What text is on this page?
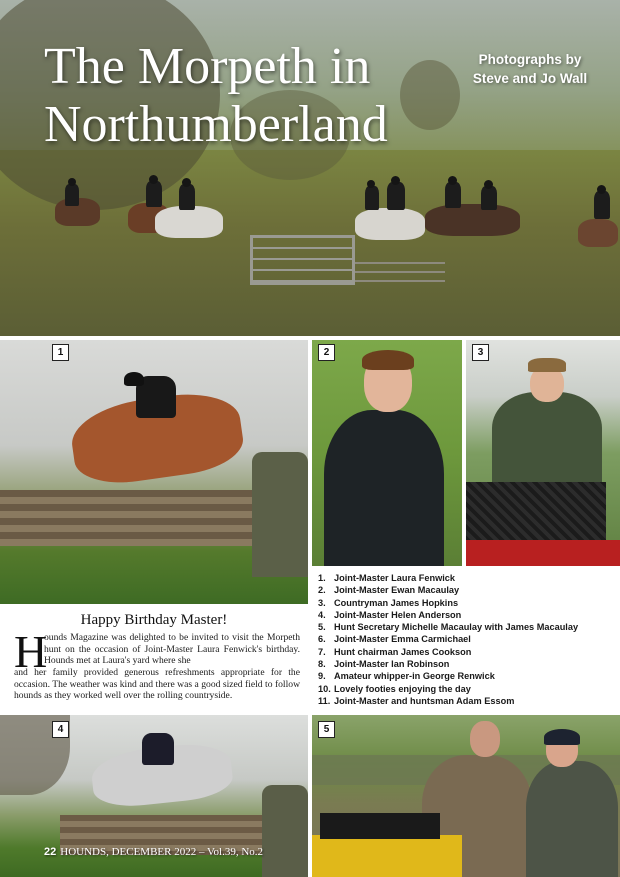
The Morpeth in Northumberland
Photographs by Steve and Jo Wall
1	2	3
1. Joint-Master Laura Fenwick
2. Joint-Master Ewan Macaulay
3. Countryman James Hopkins
4. Joint-Master Helen Anderson
5. Hunt Secretary Michelle Macaulay with James Macaulay
6. Joint-Master Emma Carmichael
7. Hunt chairman James Cookson
8. Joint-Master Ian Robinson
9. Amateur whipper-in George Renwick
10. Lovely footies enjoying the day
11. Joint-Master and huntsman Adam Essom
Happy Birthday Master!
H

ounds Magazine was delighted to be invited to visit the Morpeth hunt on the occasion of Joint-Master Laura Fenwick's birthday. Hounds met at Laura's yard where she

and her family provided generous refreshments appropriate for the occasion. The weather was kind and there was a good sized field to follow hounds as they worked well over the rolling countryside.

4	5
22 HOUNDS, DECEMBER 2022 – Vol.39, No.2
